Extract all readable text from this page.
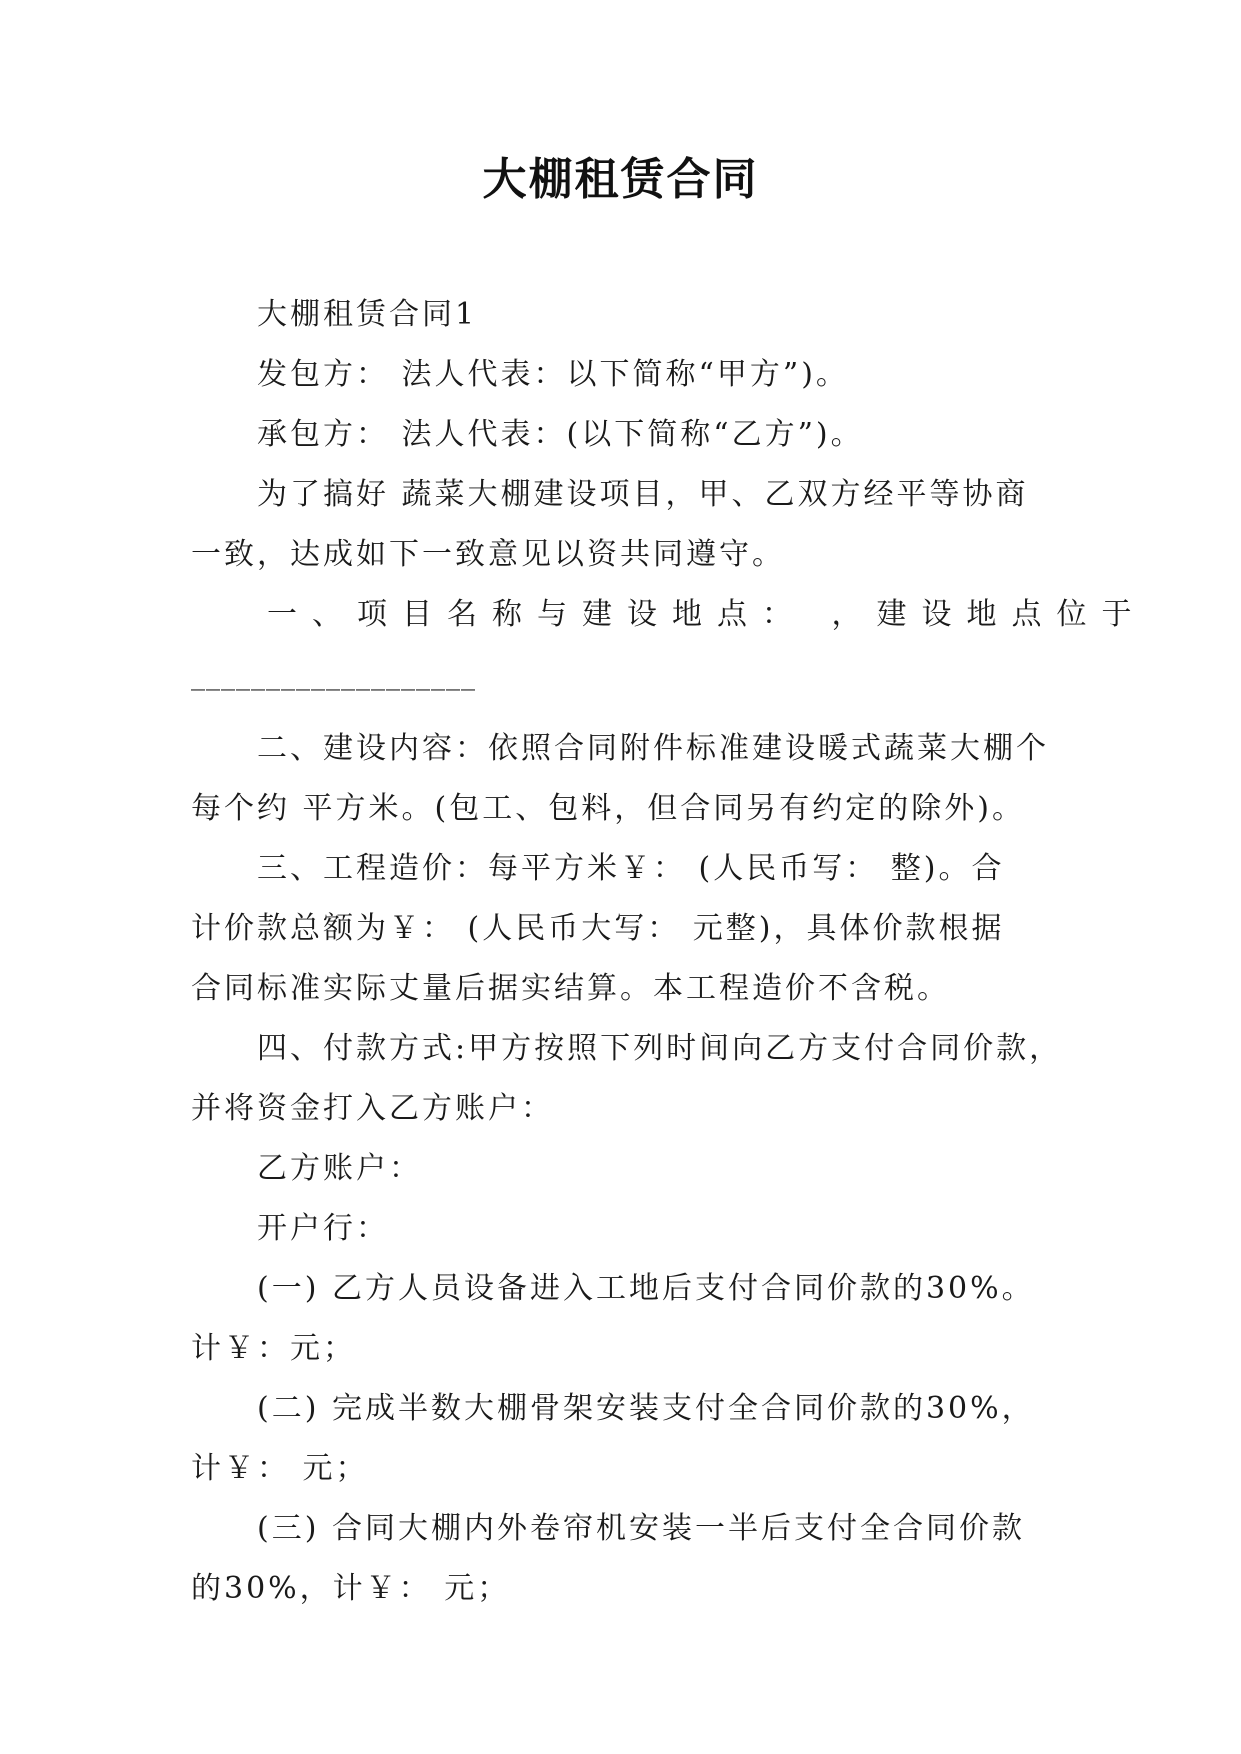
大棚租赁合同
大棚租赁合同1
发包方： 法人代表：以下简称“甲方”)。
承包方： 法人代表：(以下简称“乙方”)。
为了搞好 蔬菜大棚建设项目，甲、乙双方经平等协商
一致，达成如下一致意见以资共同遵守。
一、项目名称与建设地点： ，建设地点位于
___________________
二、建设内容：依照合同附件标准建设暖式蔬菜大棚个
每个约 平方米。(包工、包料，但合同另有约定的除外)。
三、工程造价：每平方米￥： (人民币写： 整)。合
计价款总额为￥： (人民币大写： 元整)，具体价款根据
合同标准实际丈量后据实结算。本工程造价不含税。
四、付款方式:甲方按照下列时间向乙方支付合同价款，
并将资金打入乙方账户：
乙方账户：
开户行：
(一) 乙方人员设备进入工地后支付合同价款的30%。
计￥：元；
(二) 完成半数大棚骨架安装支付全合同价款的30%，
计￥： 元；
(三) 合同大棚内外卷帘机安装一半后支付全合同价款
的30%，计￥： 元；
